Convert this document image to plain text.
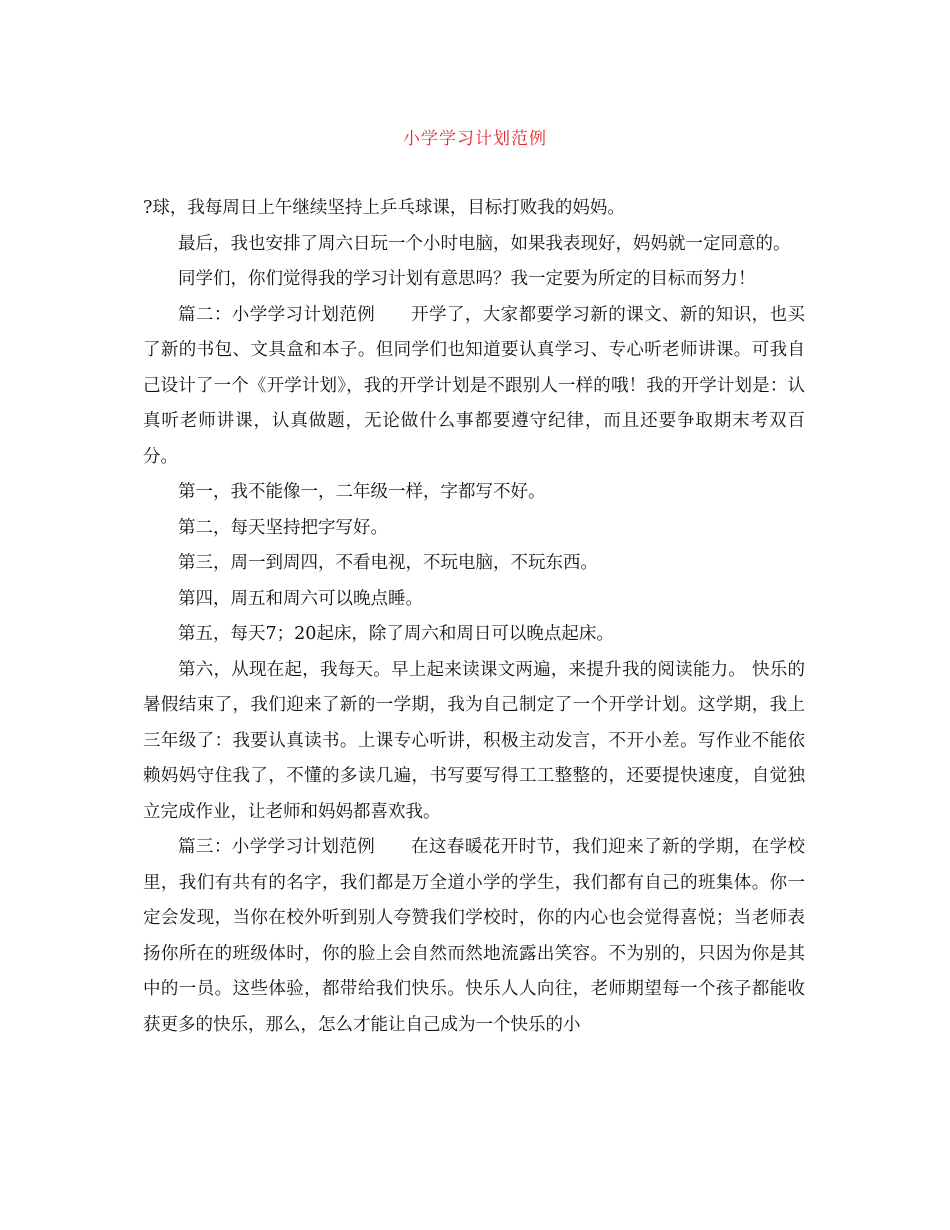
小学学习计划范例

?球，我每周日上午继续坚持上乒乓球课，目标打败我的妈妈。

最后，我也安排了周六日玩一个小时电脑，如果我表现好，妈妈就一定同意的。

同学们，你们觉得我的学习计划有意思吗？我一定要为所定的目标而努力！

篇二：小学学习计划范例　　开学了，大家都要学习新的课文、新的知识，也买了新的书包、文具盒和本子。但同学们也知道要认真学习、专心听老师讲课。可我自己设计了一个《开学计划》，我的开学计划是不跟别人一样的哦！我的开学计划是：认真听老师讲课，认真做题，无论做什么事都要遵守纪律，而且还要争取期末考双百分。

第一，我不能像一，二年级一样，字都写不好。

第二，每天坚持把字写好。

第三，周一到周四，不看电视，不玩电脑，不玩东西。

第四，周五和周六可以晚点睡。

第五，每天7；20起床，除了周六和周日可以晚点起床。

第六，从现在起，我每天。早上起来读课文两遍，来提升我的阅读能力。 快乐的暑假结束了，我们迎来了新的一学期，我为自己制定了一个开学计划。这学期，我上三年级了：我要认真读书。上课专心听讲，积极主动发言，不开小差。写作业不能依赖妈妈守住我了，不懂的多读几遍，书写要写得工工整整的，还要提快速度，自觉独立完成作业，让老师和妈妈都喜欢我。

篇三：小学学习计划范例　　在这春暖花开时节，我们迎来了新的学期，在学校里，我们有共有的名字，我们都是万全道小学的学生，我们都有自己的班集体。你一定会发现，当你在校外听到别人夸赞我们学校时，你的内心也会觉得喜悦；当老师表扬你所在的班级体时，你的脸上会自然而然地流露出笑容。不为别的，只因为你是其中的一员。这些体验，都带给我们快乐。快乐人人向往，老师期望每一个孩子都能收获更多的快乐，那么，怎么才能让自己成为一个快乐的小
